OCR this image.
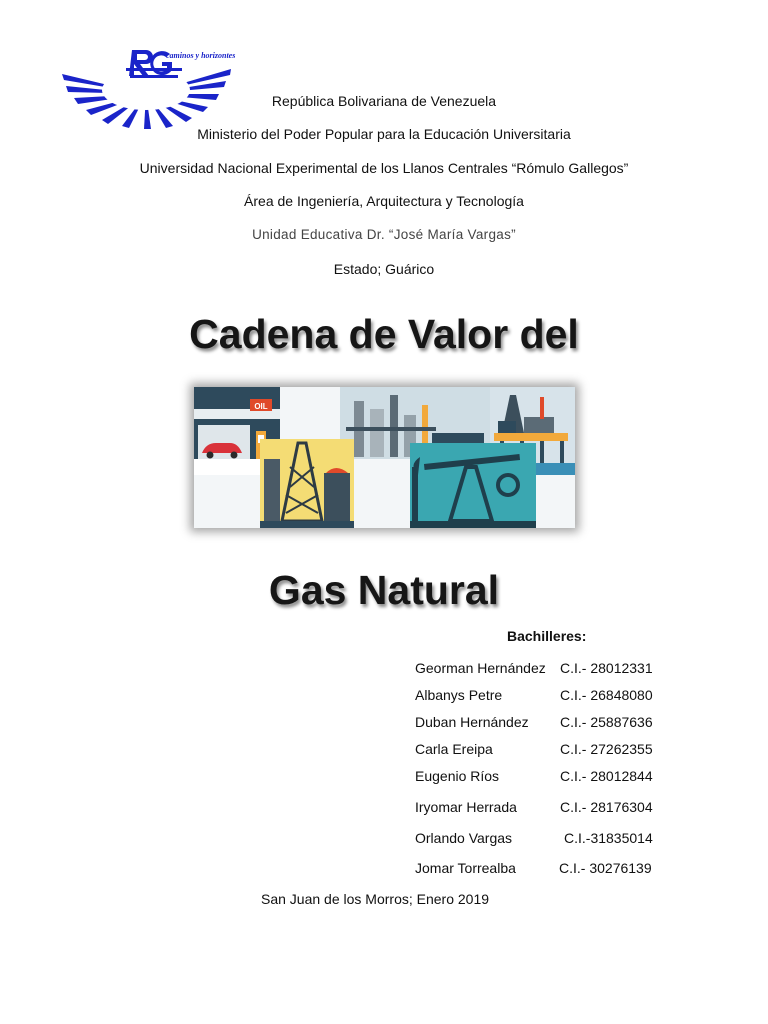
caminos y horizontes
República Bolivariana de Venezuela
Ministerio del Poder Popular para la Educación Universitaria
Universidad Nacional Experimental de los Llanos Centrales “Rómulo Gallegos”
Área de Ingeniería, Arquitectura y Tecnología
Unidad Educativa Dr. “José María Vargas”
Estado; Guárico
Cadena de Valor del
OIL
Gas Natural
Bachilleres:
Georman Hernández C.I.- 28012331
Albanys Petre	C.I.- 26848080
Duban Hernández C.I.- 25887636
Carla Ereipa	C.I.- 27262355
Eugenio Ríos	C.I.- 28012844
Iryomar Herrada	C.I.- 28176304
Orlando Vargas	C.I.-31835014
Jomar Torrealba	C.I.- 30276139
San Juan de los Morros; Enero 2019
